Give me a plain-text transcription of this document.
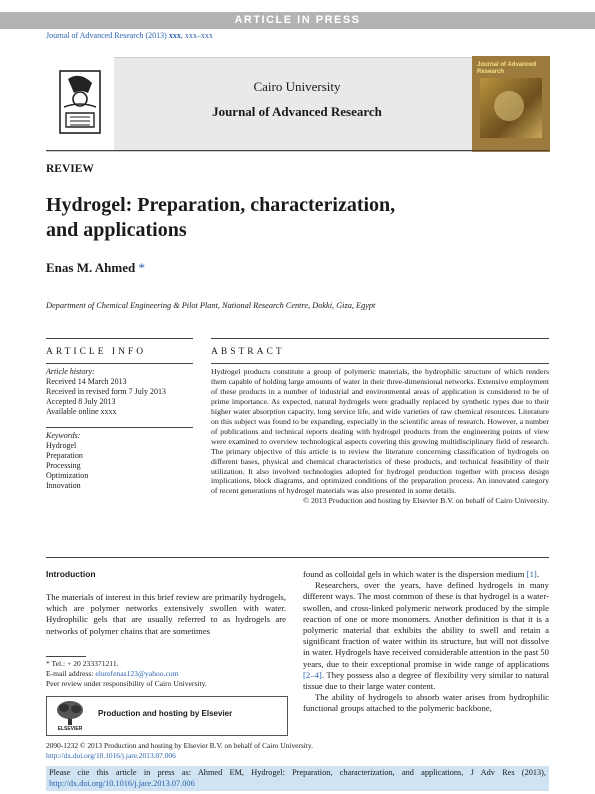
ARTICLE IN PRESS
Journal of Advanced Research (2013) xxx, xxx–xxx
Cairo University
Journal of Advanced Research
Journal of Advanced Research
REVIEW
Hydrogel: Preparation, characterization,
and applications
Enas M. Ahmed *
Department of Chemical Engineering & Pilot Plant, National Research Centre, Dokki, Giza, Egypt
ARTICLE INFO	ABSTRACT
Article history:
Received 14 March 2013
Received in revised form 7 July 2013
Accepted 8 July 2013
Available online xxxx
Keywords:
Hydrogel
Preparation
Processing
Optimization
Innovation
Hydrogel products constitute a group of polymeric materials, the hydrophilic structure of which renders them capable of holding large amounts of water in their three-dimensional networks. Extensive employment of these products in a number of industrial and environmental areas of application is considered to be of prime importance. As expected, natural hydrogels were gradually replaced by synthetic types due to their higher water absorption capacity, long service life, and wide varieties of raw chemical resources. Literature on this subject was found to be expanding, especially in the scientific areas of research. However, a number of publications and technical reports dealing with hydrogel products from the engineering points of view were examined to overview technological aspects covering this growing multidisciplinary field of research. The primary objective of this article is to review the literature concerning classification of hydrogels on different bases, physical and chemical characteristics of these products, and technical feasibility of their utilization. It also involved technologies adopted for hydrogel production together with process design implications, block diagrams, and optimized conditions of the preparation process. An innovated category of recent generations of hydrogel materials was also presented in some details.
© 2013 Production and hosting by Elsevier B.V. on behalf of Cairo University.
Introduction
The materials of interest in this brief review are primarily hydrogels, which are polymer networks extensively swollen with water. Hydrophilic gels that are usually referred to as hydrogels are networks of polymer chains that are sometimes

found as colloidal gels in which water is the dispersion medium [1].

Researchers, over the years, have defined hydrogels in many different ways. The most common of these is that hydrogel is a water-swollen, and cross-linked polymeric network produced by the simple reaction of one or more monomers. Another definition is that it is a polymeric material that exhibits the ability to swell and retain a significant fraction of water within its structure, but will not dissolve in water. Hydrogels have received considerable attention in the past 50 years, due to their exceptional promise in wide range of applications [2–4]. They possess also a degree of flexibility very similar to natural tissue due to their large water content.

The ability of hydrogels to absorb water arises from hydrophilic functional groups attached to the polymeric backbone,

* Tel.: + 20 233371211.
E-mail address: elurefenas123@yahoo.com
Peer review under responsibility of Cairo University.
ELSEVIER
Production and hosting by Elsevier
2090-1232 © 2013 Production and hosting by Elsevier B.V. on behalf of Cairo University.
http://dx.doi.org/10.1016/j.jare.2013.07.006
Please cite this article in press as: Ahmed EM, Hydrogel: Preparation, characterization, and applications, J Adv Res (2013), http://dx.doi.org/10.1016/j.jare.2013.07.006
